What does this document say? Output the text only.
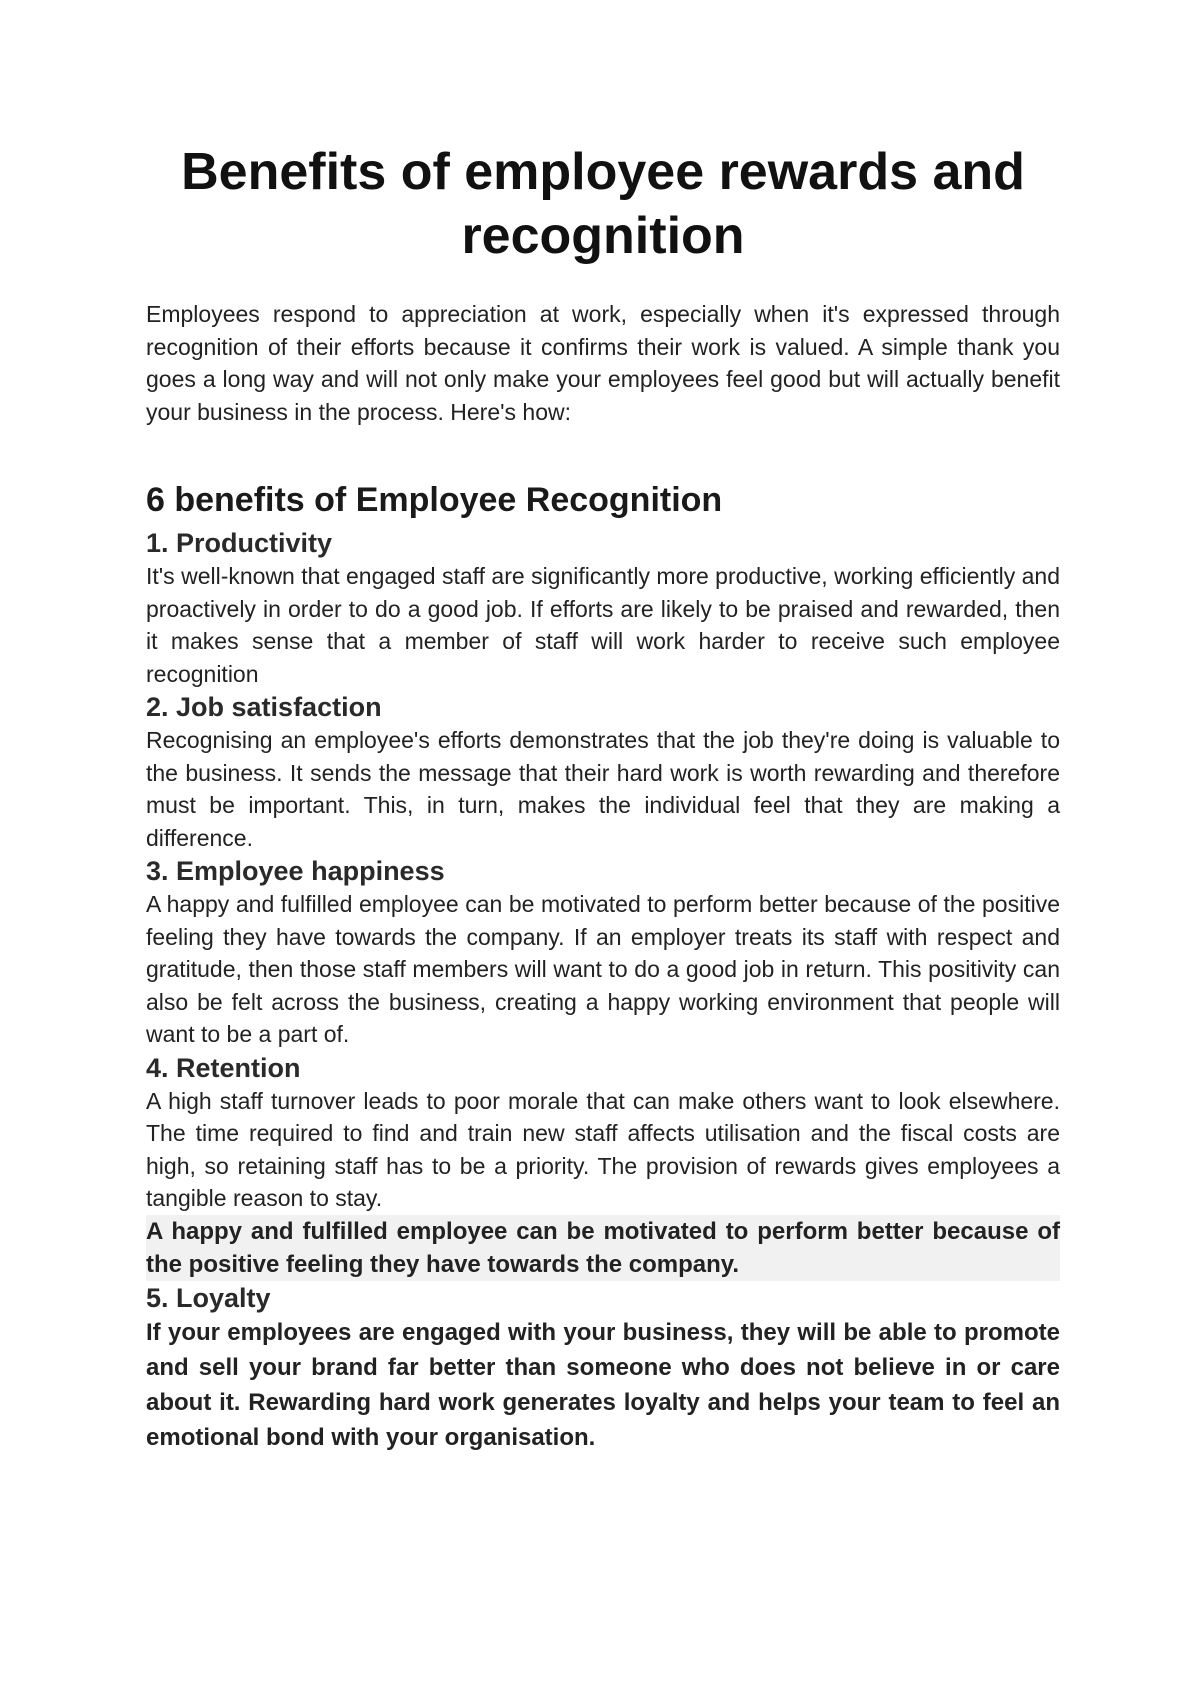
Benefits of employee rewards and recognition

Employees respond to appreciation at work, especially when it's expressed through recognition of their efforts because it confirms their work is valued. A simple thank you goes a long way and will not only make your employees feel good but will actually benefit your business in the process. Here's how:

6 benefits of Employee Recognition
1. Productivity

It's well-known that engaged staff are significantly more productive, working efficiently and proactively in order to do a good job. If efforts are likely to be praised and rewarded, then it makes sense that a member of staff will work harder to receive such employee recognition

2. Job satisfaction

Recognising an employee's efforts demonstrates that the job they're doing is valuable to the business. It sends the message that their hard work is worth rewarding and therefore must be important. This, in turn, makes the individual feel that they are making a difference.

3. Employee happiness

A happy and fulfilled employee can be motivated to perform better because of the positive feeling they have towards the company. If an employer treats its staff with respect and gratitude, then those staff members will want to do a good job in return. This positivity can also be felt across the business, creating a happy working environment that people will want to be a part of.

4. Retention

A high staff turnover leads to poor morale that can make others want to look elsewhere. The time required to find and train new staff affects utilisation and the fiscal costs are high, so retaining staff has to be a priority. The provision of rewards gives employees a tangible reason to stay.

A happy and fulfilled employee can be motivated to perform better because of the positive feeling they have towards the company.

5. Loyalty

If your employees are engaged with your business, they will be able to promote and sell your brand far better than someone who does not believe in or care about it. Rewarding hard work generates loyalty and helps your team to feel an emotional bond with your organisation.
